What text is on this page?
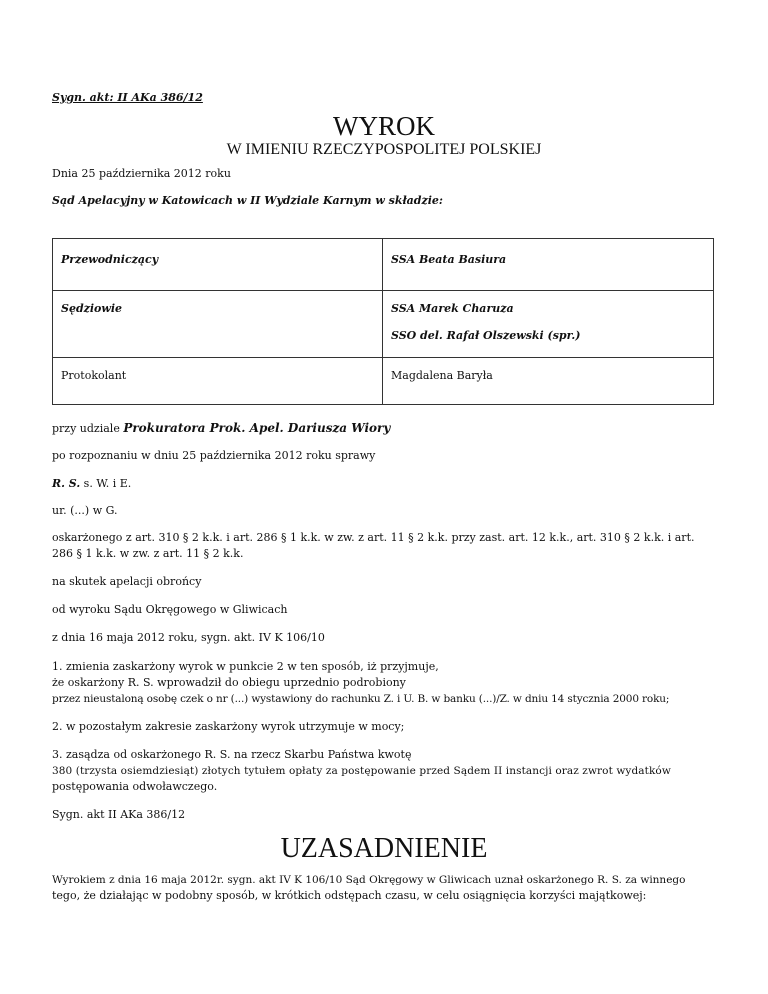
Sygn. akt: II AKa 386/12
WYROK
W IMIENIU RZECZYPOSPOLITEJ POLSKIEJ
Dnia 25 października 2012 roku
Sąd Apelacyjny w Katowicach w II Wydziale Karnym w składzie:
Przewodniczący	SSA Beata Basiura

Sędziowie	SSA Marek Charuza
SSO del. Rafał Olszewski (spr.)

Protokolant	Magdalena Baryła
przy udziale Prokuratora Prok. Apel. Dariusza Wiory
po rozpoznaniu w dniu 25 października 2012 roku sprawy
R. S. s. W. i E.
ur. (...) w G.
oskarżonego z art. 310 § 2 k.k. i art. 286 § 1 k.k. w zw. z art. 11 § 2 k.k. przy zast. art. 12 k.k., art. 310 § 2 k.k. i art.
286 § 1 k.k. w zw. z art. 11 § 2 k.k.
na skutek apelacji obrońcy
od wyroku Sądu Okręgowego w Gliwicach
z dnia 16 maja 2012 roku, sygn. akt. IV K 106/10
1. zmienia zaskarżony wyrok w punkcie 2 w ten sposób, iż przyjmuje,
że oskarżony R. S. wprowadził do obiegu uprzednio podrobiony
przez nieustaloną osobę czek o nr (...) wystawiony do rachunku Z. i U. B. w banku (...)/Z. w dniu 14 stycznia 2000 roku;
2. w pozostałym zakresie zaskarżony wyrok utrzymuje w mocy;
3. zasądza od oskarżonego R. S. na rzecz Skarbu Państwa kwotę
380 (trzysta osiemdziesiąt) złotych tytułem opłaty za postępowanie przed Sądem II instancji oraz zwrot wydatków
postępowania odwoławczego.
Sygn. akt II AKa 386/12
UZASADNIENIE
Wyrokiem z dnia 16 maja 2012r. sygn. akt IV K 106/10 Sąd Okręgowy w Gliwicach uznał oskarżonego R. S. za winnego
tego, że działając w podobny sposób, w krótkich odstępach czasu, w celu osiągnięcia korzyści majątkowej:
